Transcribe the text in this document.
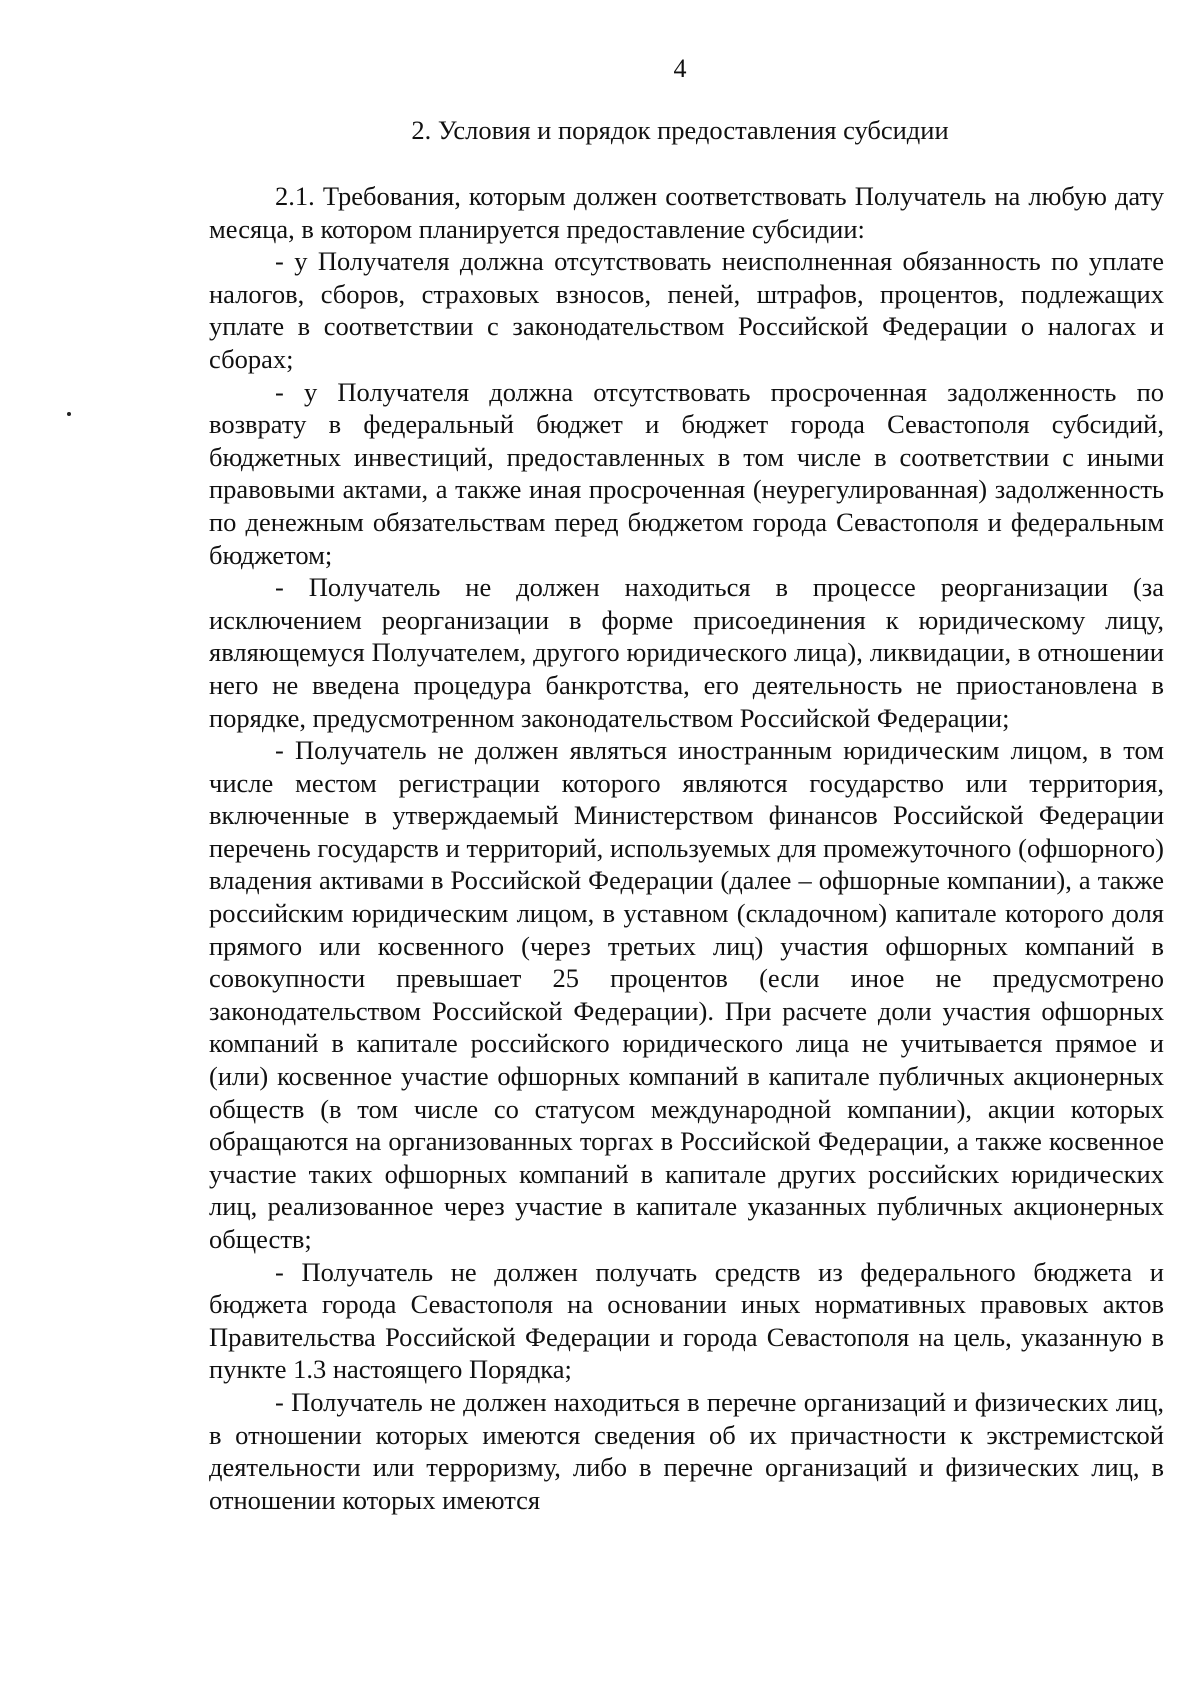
4
2. Условия и порядок предоставления субсидии

2.1. Требования, которым должен соответствовать Получатель на любую дату месяца, в котором планируется предоставление субсидии:

- у Получателя должна отсутствовать неисполненная обязанность по уплате налогов, сборов, страховых взносов, пеней, штрафов, процентов, подлежащих уплате в соответствии с законодательством Российской Федерации о налогах и сборах;

- у Получателя должна отсутствовать просроченная задолженность по возврату в федеральный бюджет и бюджет города Севастополя субсидий, бюджетных инвестиций, предоставленных в том числе в соответствии с иными правовыми актами, а также иная просроченная (неурегулированная) задолженность по денежным обязательствам перед бюджетом города Севастополя и федеральным бюджетом;

- Получатель не должен находиться в процессе реорганизации (за исключением реорганизации в форме присоединения к юридическому лицу, являющемуся Получателем, другого юридического лица), ликвидации, в отношении него не введена процедура банкротства, его деятельность не приостановлена в порядке, предусмотренном законодательством Российской Федерации;

- Получатель не должен являться иностранным юридическим лицом, в том числе местом регистрации которого являются государство или территория, включенные в утверждаемый Министерством финансов Российской Федерации перечень государств и территорий, используемых для промежуточного (офшорного) владения активами в Российской Федерации (далее – офшорные компании), а также российским юридическим лицом, в уставном (складочном) капитале которого доля прямого или косвенного (через третьих лиц) участия офшорных компаний в совокупности превышает 25 процентов (если иное не предусмотрено законодательством Российской Федерации). При расчете доли участия офшорных компаний в капитале российского юридического лица не учитывается прямое и (или) косвенное участие офшорных компаний в капитале публичных акционерных обществ (в том числе со статусом международной компании), акции которых обращаются на организованных торгах в Российской Федерации, а также косвенное участие таких офшорных компаний в капитале других российских юридических лиц, реализованное через участие в капитале указанных публичных акционерных обществ;

- Получатель не должен получать средств из федерального бюджета и бюджета города Севастополя на основании иных нормативных правовых актов Правительства Российской Федерации и города Севастополя на цель, указанную в пункте 1.3 настоящего Порядка;

- Получатель не должен находиться в перечне организаций и физических лиц, в отношении которых имеются сведения об их причастности к экстремистской деятельности или терроризму, либо в перечне организаций и физических лиц, в отношении которых имеются
